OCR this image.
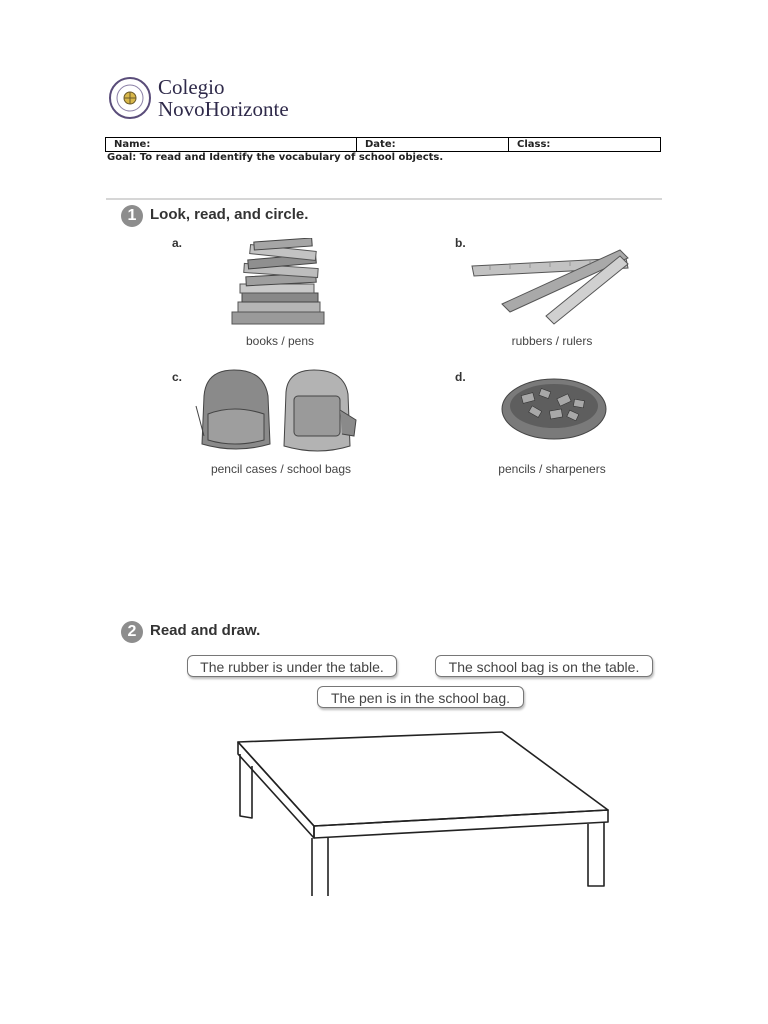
Colegio
NovoHorizonte
Name:	Date:	Class:
Goal: To read and Identify the vocabulary of school objects.
1 Look, read, and circle.
a.
books / pens
b.
rubbers / rulers
c.
pencil cases / school bags
d.
pencils / sharpeners
2 Read and draw.
The rubber is under the table.	The school bag is on the table.
The pen is in the school bag.
